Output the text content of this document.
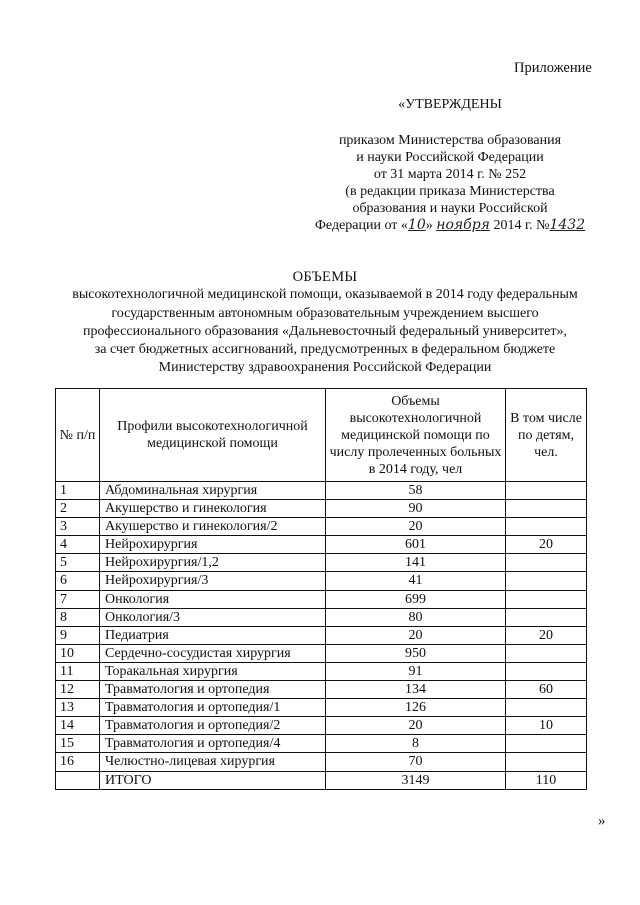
Приложение
«УТВЕРЖДЕНЫ
приказом Министерства образования
и науки Российской Федерации
от 31 марта 2014 г. № 252
(в редакции приказа Министерства
образования и науки Российской
Федерации от «10» ноября 2014 г. №1432
ОБЪЕМЫ
высокотехнологичной медицинской помощи, оказываемой в 2014 году федеральным
государственным автономным образовательным учреждением высшего
профессионального образования «Дальневосточный федеральный университет»,
за счет бюджетных ассигнований, предусмотренных в федеральном бюджете
Министерству здравоохранения Российской Федерации
№ п/п	Профили высокотехнологичной медицинской помощи	Объемы высокотехнологичной медицинской помощи по числу пролеченных больных в 2014 году, чел	В том числе по детям, чел.
1	Абдоминальная хирургия	58	
2	Акушерство и гинекология	90	
3	Акушерство и гинекология/2	20	
4	Нейрохирургия	601	20
5	Нейрохирургия/1,2	141	
6	Нейрохирургия/3	41	
7	Онкология	699	
8	Онкология/3	80	
9	Педиатрия	20	20
10	Сердечно-сосудистая хирургия	950	
11	Торакальная хирургия	91	
12	Травматология и ортопедия	134	60
13	Травматология и ортопедия/1	126	
14	Травматология и ортопедия/2	20	10
15	Травматология и ортопедия/4	8	
16	Челюстно-лицевая хирургия	70	
	ИТОГО	3149	110
»
